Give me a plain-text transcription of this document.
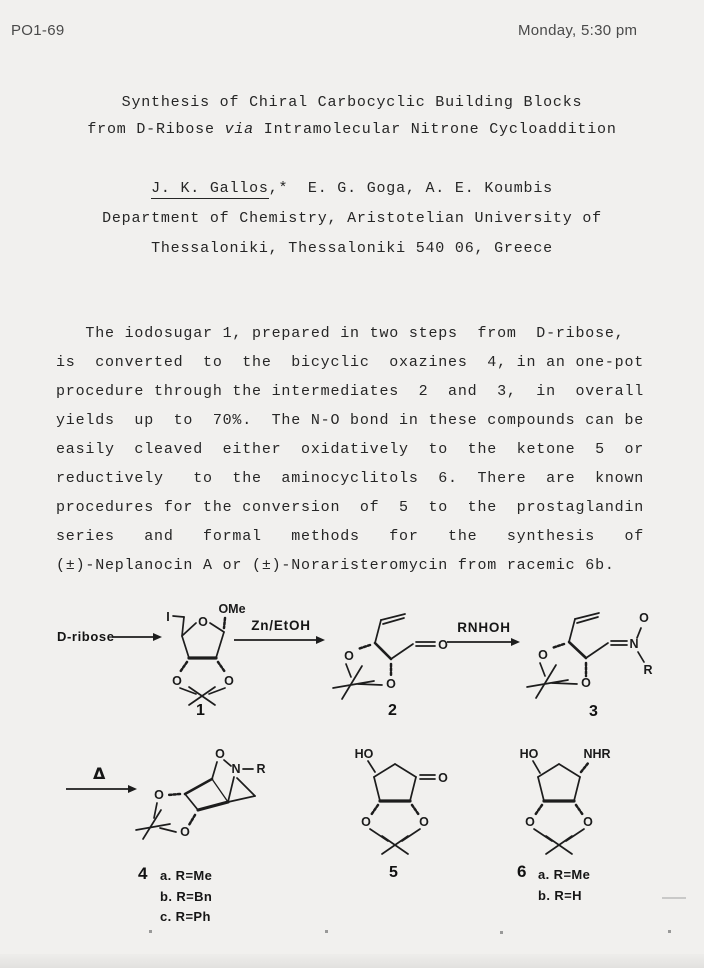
PO1-69	Monday, 5:30 pm
Synthesis of Chiral Carbocyclic Building Blocks
from D-Ribose via Intramolecular Nitrone Cycloaddition
J. K. Gallos,*  E. G. Goga, A. E. Koumbis
Department of Chemistry, Aristotelian University of
Thessaloniki, Thessaloniki 540 06, Greece
The iodosugar 1, prepared in two steps  from  D-ribose,
is  converted  to  the  bicyclic  oxazines  4, in an one-pot
procedure through the intermediates  2  and  3,  in  overall
yields  up  to  70%.  The N-O bond in these compounds can be
easily  cleaved  either  oxidatively  to  the  ketone  5  or
reductively   to  the  aminocyclitols  6.  There  are  known
procedures for the conversion  of  5  to  the  prostaglandin
series   and   formal   methods   for   the   synthesis   of
(±)-Neplanocin A or (±)-Noraristeromycin from racemic 6b.
D-ribose
I O
OMe
O	O
1
Zn/EtOH
O
O
O
2
RNHOH
O
O
N
O
R
3
Δ
O
N R
O
O
4 a. R=Me
b. R=Bn
c. R=Ph
HO
O
O	O
5
HO	NHR
O	O
6 a. R=Me
b. R=H
